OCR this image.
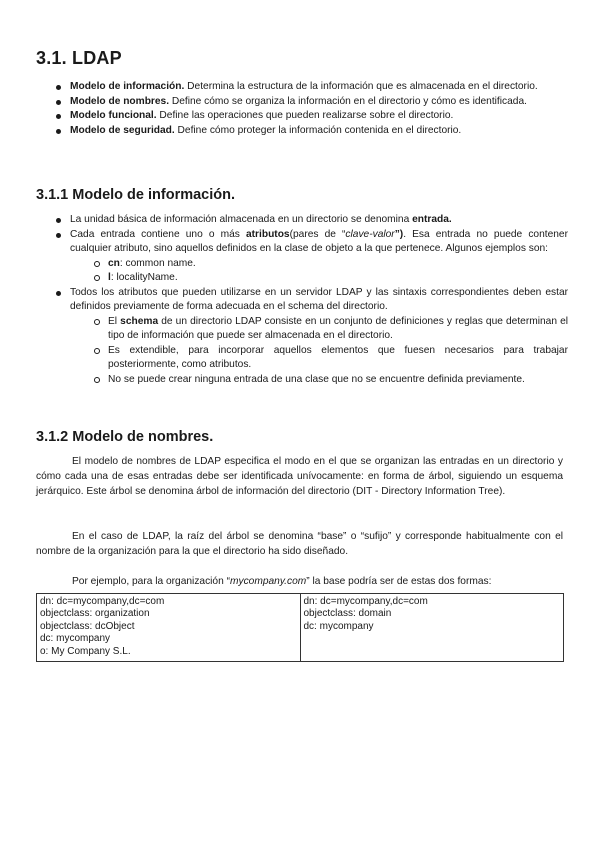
3.1. LDAP
Modelo de información. Determina la estructura de la información que es almacenada en el directorio.
Modelo de nombres. Define cómo se organiza la información en el directorio y cómo es identificada.
Modelo funcional. Define las operaciones que pueden realizarse sobre el directorio.
Modelo de seguridad. Define cómo proteger la información contenida en el directorio.
3.1.1 Modelo de información.
La unidad básica de información almacenada en un directorio se denomina entrada.
Cada entrada contiene uno o más atributos(pares de “clave-valor”). Esa entrada no puede contener cualquier atributo, sino aquellos definidos en la clase de objeto a la que pertenece. Algunos ejemplos son:
cn: common name.
l: localityName.
Todos los atributos que pueden utilizarse en un servidor LDAP y las sintaxis correspondientes deben estar definidos previamente de forma adecuada en el schema del directorio.
El schema de un directorio LDAP consiste en un conjunto de definiciones y reglas que determinan el tipo de información que puede ser almacenada en el directorio.
Es extendible, para incorporar aquellos elementos que fuesen necesarios para trabajar posteriormente, como atributos.
No se puede crear ninguna entrada de una clase que no se encuentre definida previamente.
3.1.2 Modelo de nombres.

El modelo de nombres de LDAP especifica el modo en el que se organizan las entradas en un directorio y cómo cada una de esas entradas debe ser identificada unívocamente: en forma de árbol, siguiendo un esquema jerárquico. Este árbol se denomina árbol de información del directorio (DIT - Directory Information Tree).

En el caso de LDAP, la raíz del árbol se denomina “base” o “sufijo” y corresponde habitualmente con el nombre de la organización para la que el directorio ha sido diseñado.

Por ejemplo, para la organización “mycompany.com” la base podría ser de estas dos formas:

dn: dc=mycompany,dc=com
objectclass: organization
objectclass: dcObject
dc: mycompany
o: My Company S.L.

dn: dc=mycompany,dc=com
objectclass: domain
dc: mycompany
